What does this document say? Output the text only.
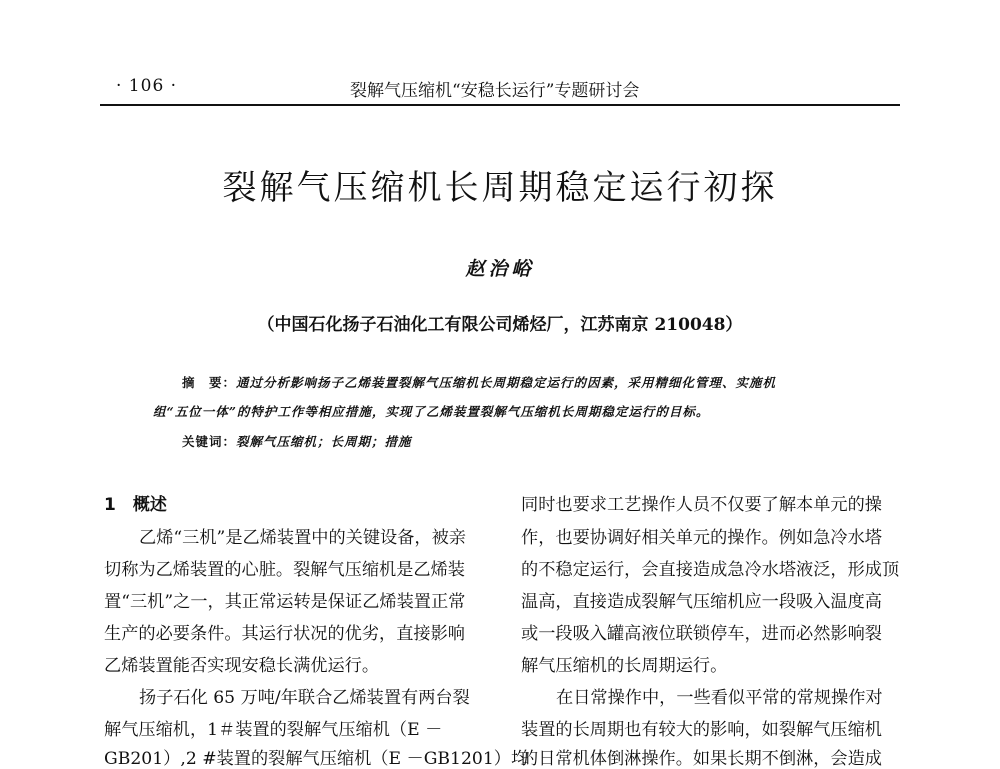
· 106 ·	裂解气压缩机“安稳长运行”专题研讨会
裂解气压缩机长周期稳定运行初探
赵治峪
（中国石化扬子石油化工有限公司烯烃厂，江苏南京 210048）
摘　要：通过分析影响扬子乙烯装置裂解气压缩机长周期稳定运行的因素，采用精细化管理、实施机
组“五位一体”的特护工作等相应措施，实现了乙烯装置裂解气压缩机长周期稳定运行的目标。
关键词：裂解气压缩机；长周期；措施
1　概述
乙烯“三机”是乙烯装置中的关键设备，被亲
切称为乙烯装置的心脏。裂解气压缩机是乙烯装
置“三机”之一，其正常运转是保证乙烯装置正常
生产的必要条件。其运行状况的优劣，直接影响
乙烯装置能否实现安稳长满优运行。
扬子石化 65 万吨/年联合乙烯装置有两台裂
解气压缩机，1＃装置的裂解气压缩机（E －
GB201）,2 #装置的裂解气压缩机（E －GB1201）均
同时也要求工艺操作人员不仅要了解本单元的操
作，也要协调好相关单元的操作。例如急冷水塔
的不稳定运行，会直接造成急冷水塔液泛，形成顶
温高，直接造成裂解气压缩机应一段吸入温度高
或一段吸入罐高液位联锁停车，进而必然影响裂
解气压缩机的长周期运行。
在日常操作中，一些看似平常的常规操作对
装置的长周期也有较大的影响，如裂解气压缩机
的日常机体倒淋操作。如果长期不倒淋，会造成
